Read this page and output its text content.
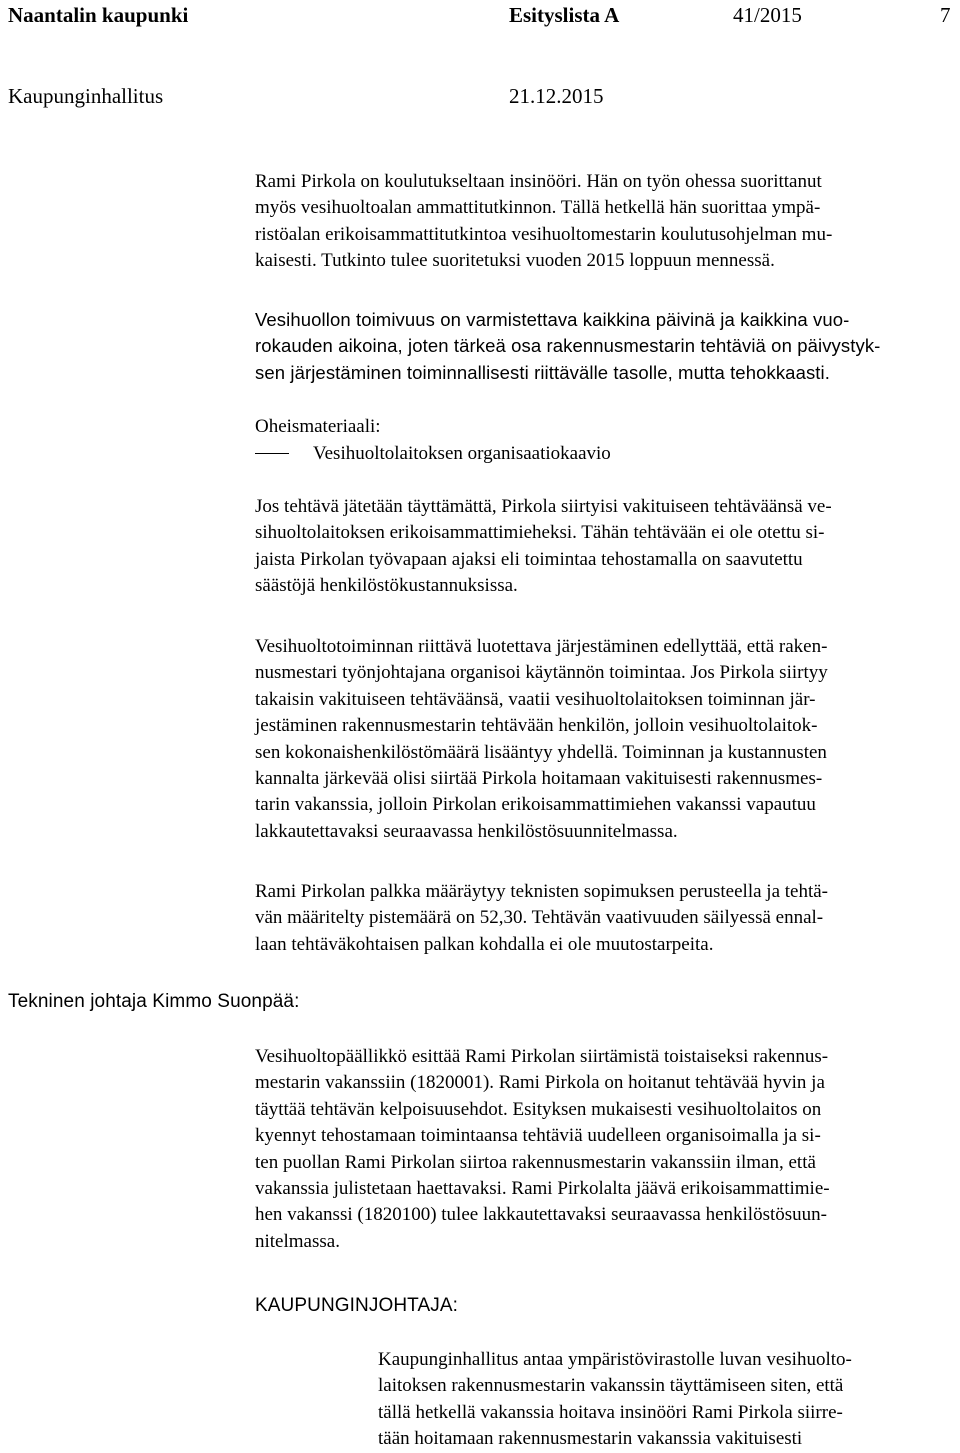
Naantalin kaupunki	Esityslista A	41/2015	7
Kaupunginhallitus	21.12.2015

Rami Pirkola on koulutukseltaan insinööri. Hän on työn ohessa suorittanut
myös vesihuoltoalan ammattitutkinnon. Tällä hetkellä hän suorittaa ympä-
ristöalan erikoisammattitutkintoa vesihuoltomestarin koulutusohjelman mu-
kaisesti. Tutkinto tulee suoritetuksi vuoden 2015 loppuun mennessä.

Vesihuollon toimivuus on varmistettava kaikkina päivinä ja kaikkina vuo-
rokauden aikoina, joten tärkeä osa rakennusmestarin tehtäviä on päivystyk-
sen järjestäminen toiminnallisesti riittävälle tasolle, mutta tehokkaasti.

Oheismateriaali:
Vesihuoltolaitoksen organisaatiokaavio

Jos tehtävä jätetään täyttämättä, Pirkola siirtyisi vakituiseen tehtäväänsä ve-
sihuoltolaitoksen erikoisammattimieheksi. Tähän tehtävään ei ole otettu si-
jaista Pirkolan työvapaan ajaksi eli toimintaa tehostamalla on saavutettu
säästöjä henkilöstökustannuksissa.

Vesihuoltotoiminnan riittävä luotettava järjestäminen edellyttää, että raken-
nusmestari työnjohtajana organisoi käytännön toimintaa. Jos Pirkola siirtyy
takaisin vakituiseen tehtäväänsä, vaatii vesihuoltolaitoksen toiminnan jär-
jestäminen rakennusmestarin tehtävään henkilön, jolloin vesihuoltolaitok-
sen kokonaishenkilöstömäärä lisääntyy yhdellä. Toiminnan ja kustannusten
kannalta järkevää olisi siirtää Pirkola hoitamaan vakituisesti rakennusmes-
tarin vakanssia, jolloin Pirkolan erikoisammattimiehen vakanssi vapautuu
lakkautettavaksi seuraavassa henkilöstösuunnitelmassa.

Rami Pirkolan palkka määräytyy teknisten sopimuksen perusteella ja tehtä-
vän määritelty pistemäärä on 52,30. Tehtävän vaativuuden säilyessä ennal-
laan tehtäväkohtaisen palkan kohdalla ei ole muutostarpeita.

Tekninen johtaja Kimmo Suonpää:

Vesihuoltopäällikkö esittää Rami Pirkolan siirtämistä toistaiseksi rakennus-
mestarin vakanssiin (1820001). Rami Pirkola on hoitanut tehtävää hyvin ja
täyttää tehtävän kelpoisuusehdot. Esityksen mukaisesti vesihuoltolaitos on
kyennyt tehostamaan toimintaansa tehtäviä uudelleen organisoimalla ja si-
ten puollan Rami Pirkolan siirtoa rakennusmestarin vakanssiin ilman, että
vakanssia julistetaan haettavaksi. Rami Pirkolalta jäävä erikoisammattimie-
hen vakanssi (1820100) tulee lakkautettavaksi seuraavassa henkilöstösuun-
nitelmassa.

KAUPUNGINJOHTAJA:
Kaupunginhallitus antaa ympäristövirastolle luvan vesihuolto-
laitoksen rakennusmestarin vakanssin täyttämiseen siten, että
tällä hetkellä vakanssia hoitava insinööri Rami Pirkola siirre-
tään hoitamaan rakennusmestarin vakanssia vakituisesti
